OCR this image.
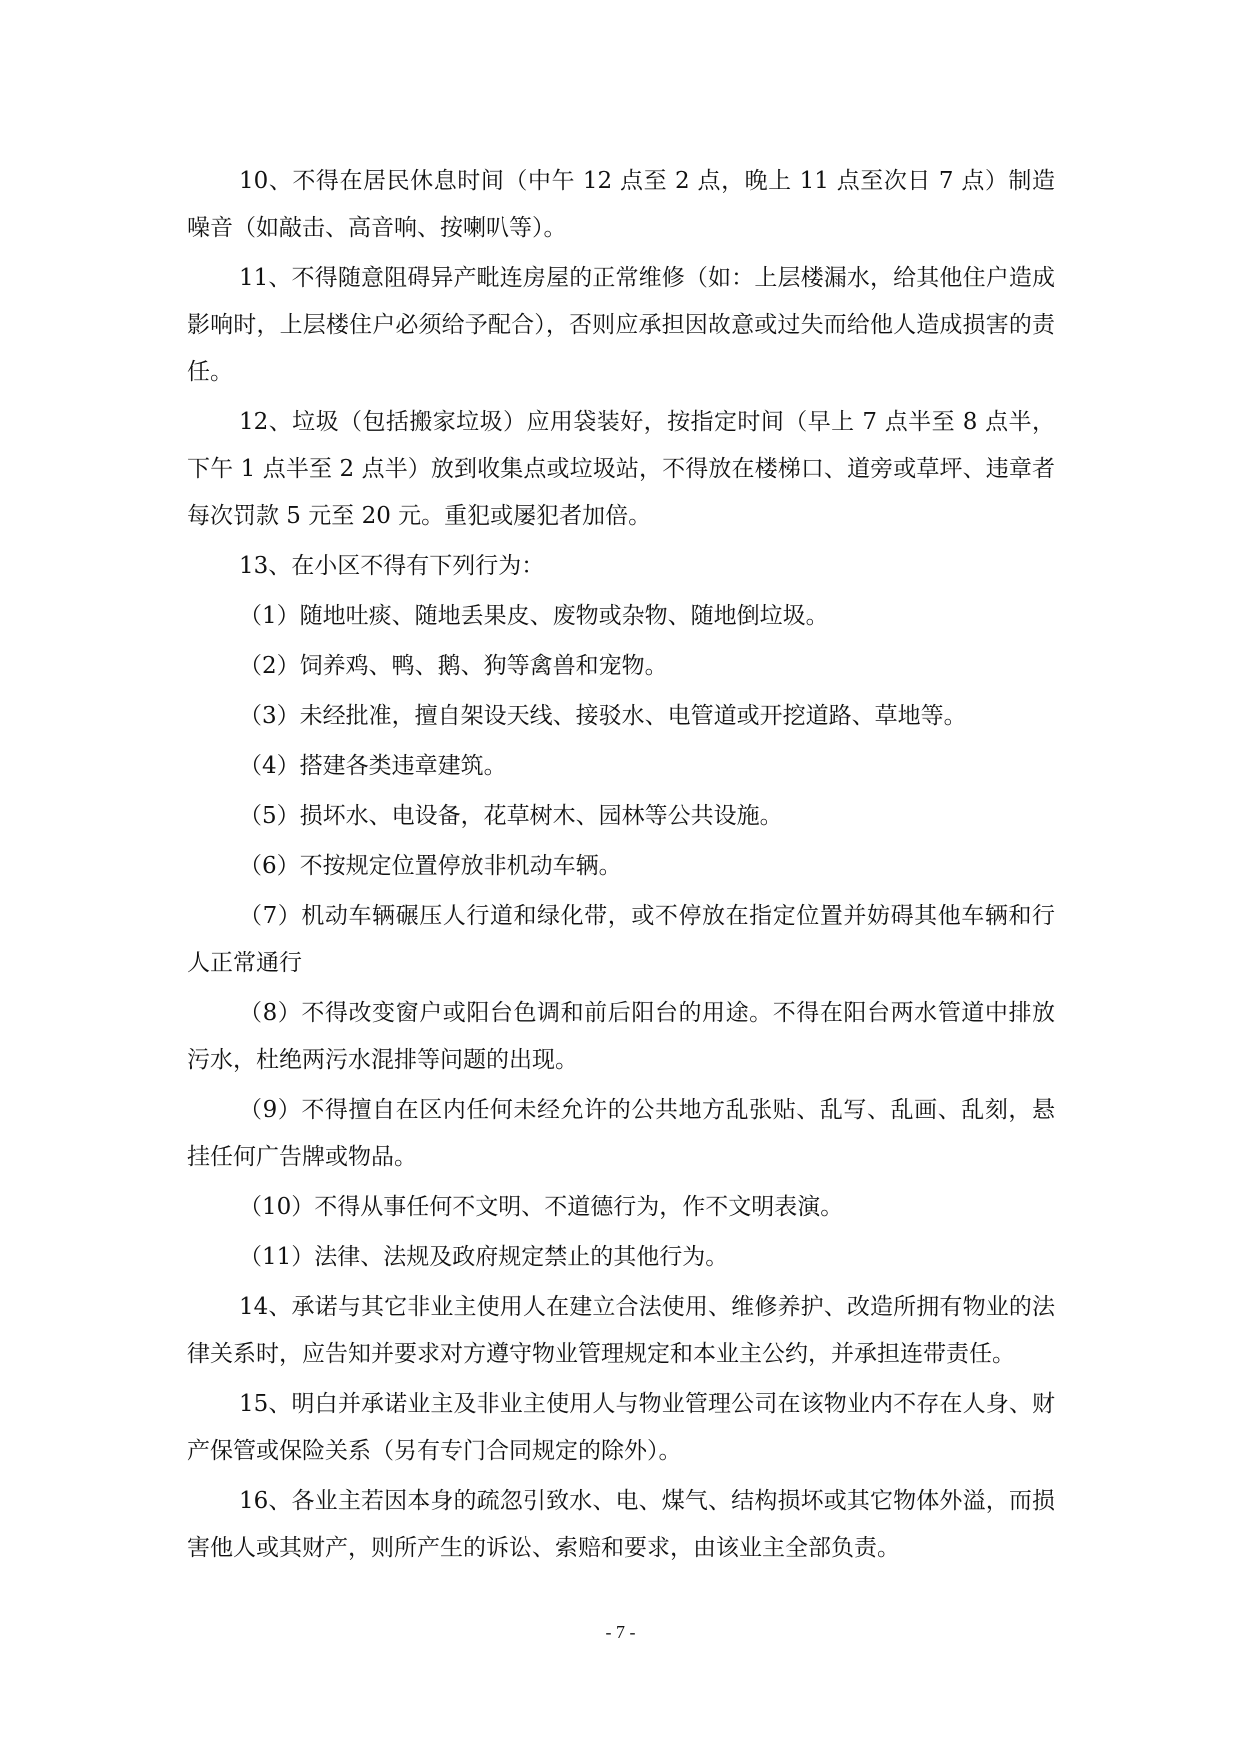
10、不得在居民休息时间（中午 12 点至 2 点，晚上 11 点至次日 7 点）制造噪音（如敲击、高音响、按喇叭等）。

11、不得随意阻碍异产毗连房屋的正常维修（如：上层楼漏水，给其他住户造成影响时，上层楼住户必须给予配合），否则应承担因故意或过失而给他人造成损害的责任。

12、垃圾（包括搬家垃圾）应用袋装好，按指定时间（早上 7 点半至 8 点半，下午 1 点半至 2 点半）放到收集点或垃圾站，不得放在楼梯口、道旁或草坪、违章者每次罚款 5 元至 20 元。重犯或屡犯者加倍。

13、在小区不得有下列行为：

（1）随地吐痰、随地丢果皮、废物或杂物、随地倒垃圾。

（2）饲养鸡、鸭、鹅、狗等禽兽和宠物。

（3）未经批准，擅自架设天线、接驳水、电管道或开挖道路、草地等。

（4）搭建各类违章建筑。

（5）损坏水、电设备，花草树木、园林等公共设施。

（6）不按规定位置停放非机动车辆。

（7）机动车辆碾压人行道和绿化带，或不停放在指定位置并妨碍其他车辆和行人正常通行

（8）不得改变窗户或阳台色调和前后阳台的用途。不得在阳台两水管道中排放污水，杜绝两污水混排等问题的出现。

（9）不得擅自在区内任何未经允许的公共地方乱张贴、乱写、乱画、乱刻，悬挂任何广告牌或物品。

（10）不得从事任何不文明、不道德行为，作不文明表演。

（11）法律、法规及政府规定禁止的其他行为。

14、承诺与其它非业主使用人在建立合法使用、维修养护、改造所拥有物业的法律关系时，应告知并要求对方遵守物业管理规定和本业主公约，并承担连带责任。

15、明白并承诺业主及非业主使用人与物业管理公司在该物业内不存在人身、财产保管或保险关系（另有专门合同规定的除外）。

16、各业主若因本身的疏忽引致水、电、煤气、结构损坏或其它物体外溢，而损害他人或其财产，则所产生的诉讼、索赔和要求，由该业主全部负责。

- 7 -
